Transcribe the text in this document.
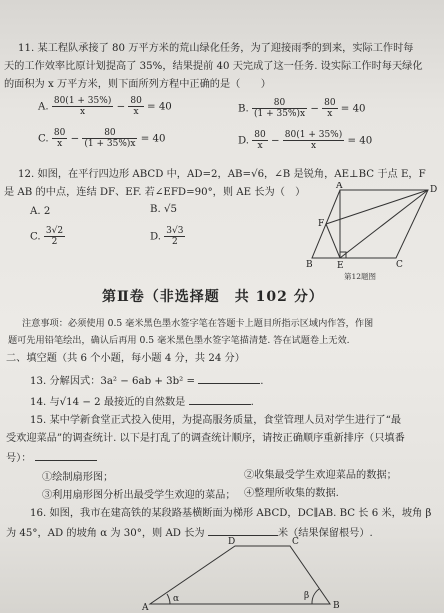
11. 某工程队承接了 80 万平方米的荒山绿化任务，为了迎接雨季的到来，实际工作时每
天的工作效率比原计划提高了 35%，结果提前 40 天完成了这一任务. 设实际工作时每天绿化
的面积为 x 万平方米，则下面所列方程中正确的是（　　）
A. $\frac{80(1 + 35\%)}{x} - \frac{80}{x} = 40$	B. $\frac{80}{(1 + 35\%)x} - \frac{80}{x} = 40$
C. $\frac{80}{x} - \frac{80}{(1 + 35\%)x} = 40$	D. $\frac{80}{x} - \frac{80(1 + 35\%)}{x} = 40$
12. 如图，在平行四边形 ABCD 中，AD=2，AB=√6，∠B 是锐角，AE⊥BC 于点 E，F
是 AB 的中点，连结 DF、EF. 若∠EFD=90°，则 AE 长为（　）
A. 2	B. √5
C. $\frac{3√2}{2}$	D. $\frac{3√3}{2}$
A	D
F
B	E	C
第12题图
第Ⅱ卷（非选择题　共 102 分）
注意事项：必须使用 0.5 毫米黑色墨水签字笔在答题卡上题目所指示区域内作答，作图
题可先用铅笔绘出，确认后再用 0.5 毫米黑色墨水签字笔描清楚. 答在试题卷上无效.
二、填空题（共 6 个小题，每小题 4 分，共 24 分）
13. 分解因式：3a² − 6ab + 3b² =	.
14. 与√14 − 2 最接近的自然数是	.
15. 某中学新食堂正式投入使用，为提高服务质量，食堂管理人员对学生进行了“最
受欢迎菜品”的调查统计. 以下是打乱了的调查统计顺序，请按正确顺序重新排序（只填番
号）：
①绘制扇形图；	②收集最受学生欢迎菜品的数据；
③利用扇形图分析出最受学生欢迎的菜品； ④整理所收集的数据.
16. 如图，我市在建高铁的某段路基横断面为梯形 ABCD，DC∥AB. BC 长 6 米，坡角 β
为 45°，AD 的坡角 α 为 30°，则 AD 长为	米（结果保留根号）.
D	C
A	B
α	β
